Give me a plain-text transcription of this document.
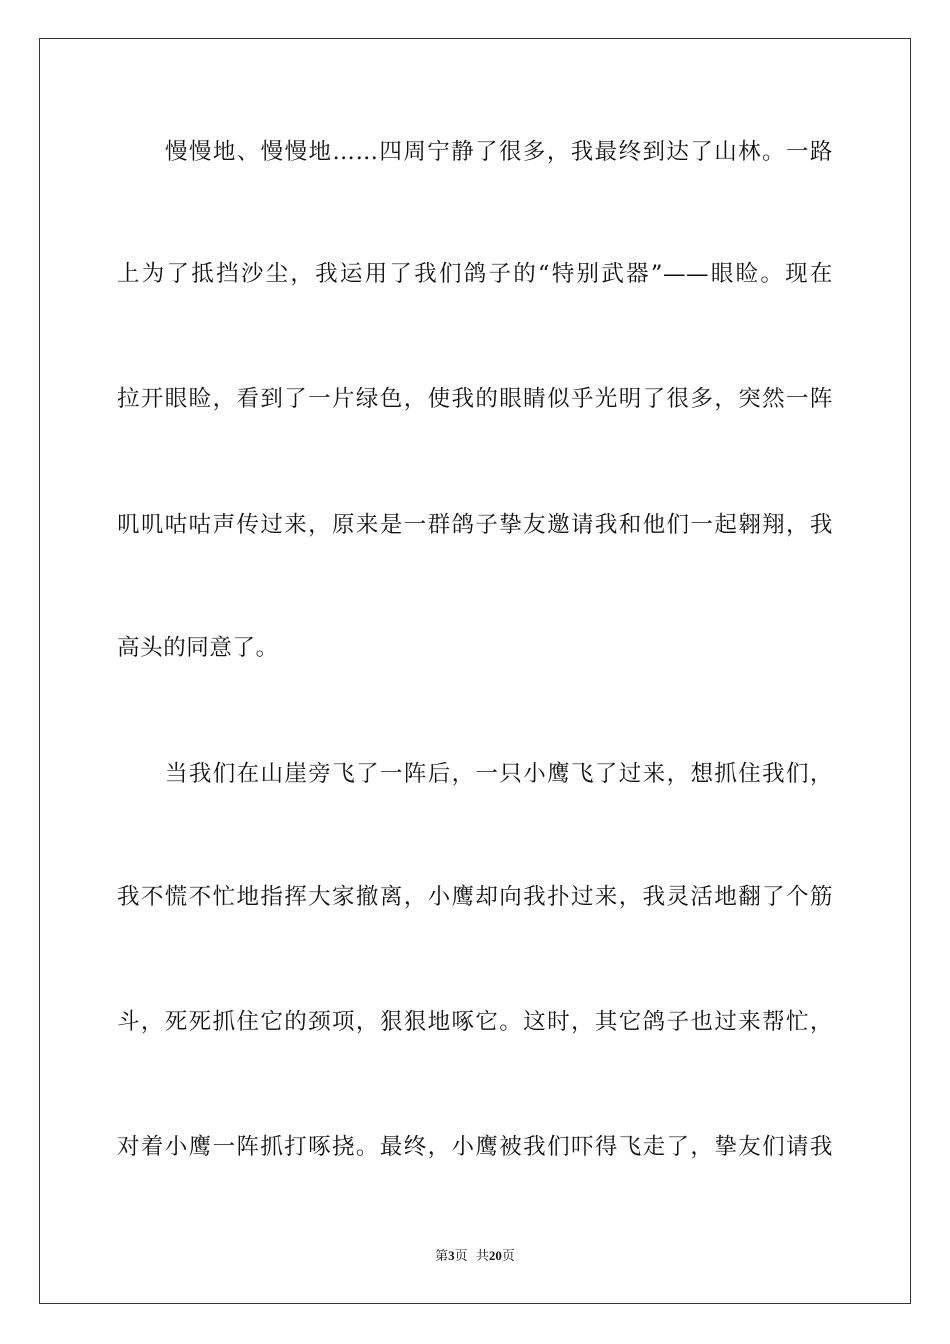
慢慢地、慢慢地……四周宁静了很多，我最终到达了山林。一路
上为了抵挡沙尘，我运用了我们鸽子的“特别武器”——眼睑。现在
拉开眼睑，看到了一片绿色，使我的眼睛似乎光明了很多，突然一阵
叽叽咕咕声传过来，原来是一群鸽子挚友邀请我和他们一起翱翔，我
高头的同意了。
当我们在山崖旁飞了一阵后，一只小鹰飞了过来，想抓住我们，
我不慌不忙地指挥大家撤离，小鹰却向我扑过来，我灵活地翻了个筋
斗，死死抓住它的颈项，狠狠地啄它。这时，其它鸽子也过来帮忙，
对着小鹰一阵抓打啄挠。最终，小鹰被我们吓得飞走了，挚友们请我
第3页  共20页
